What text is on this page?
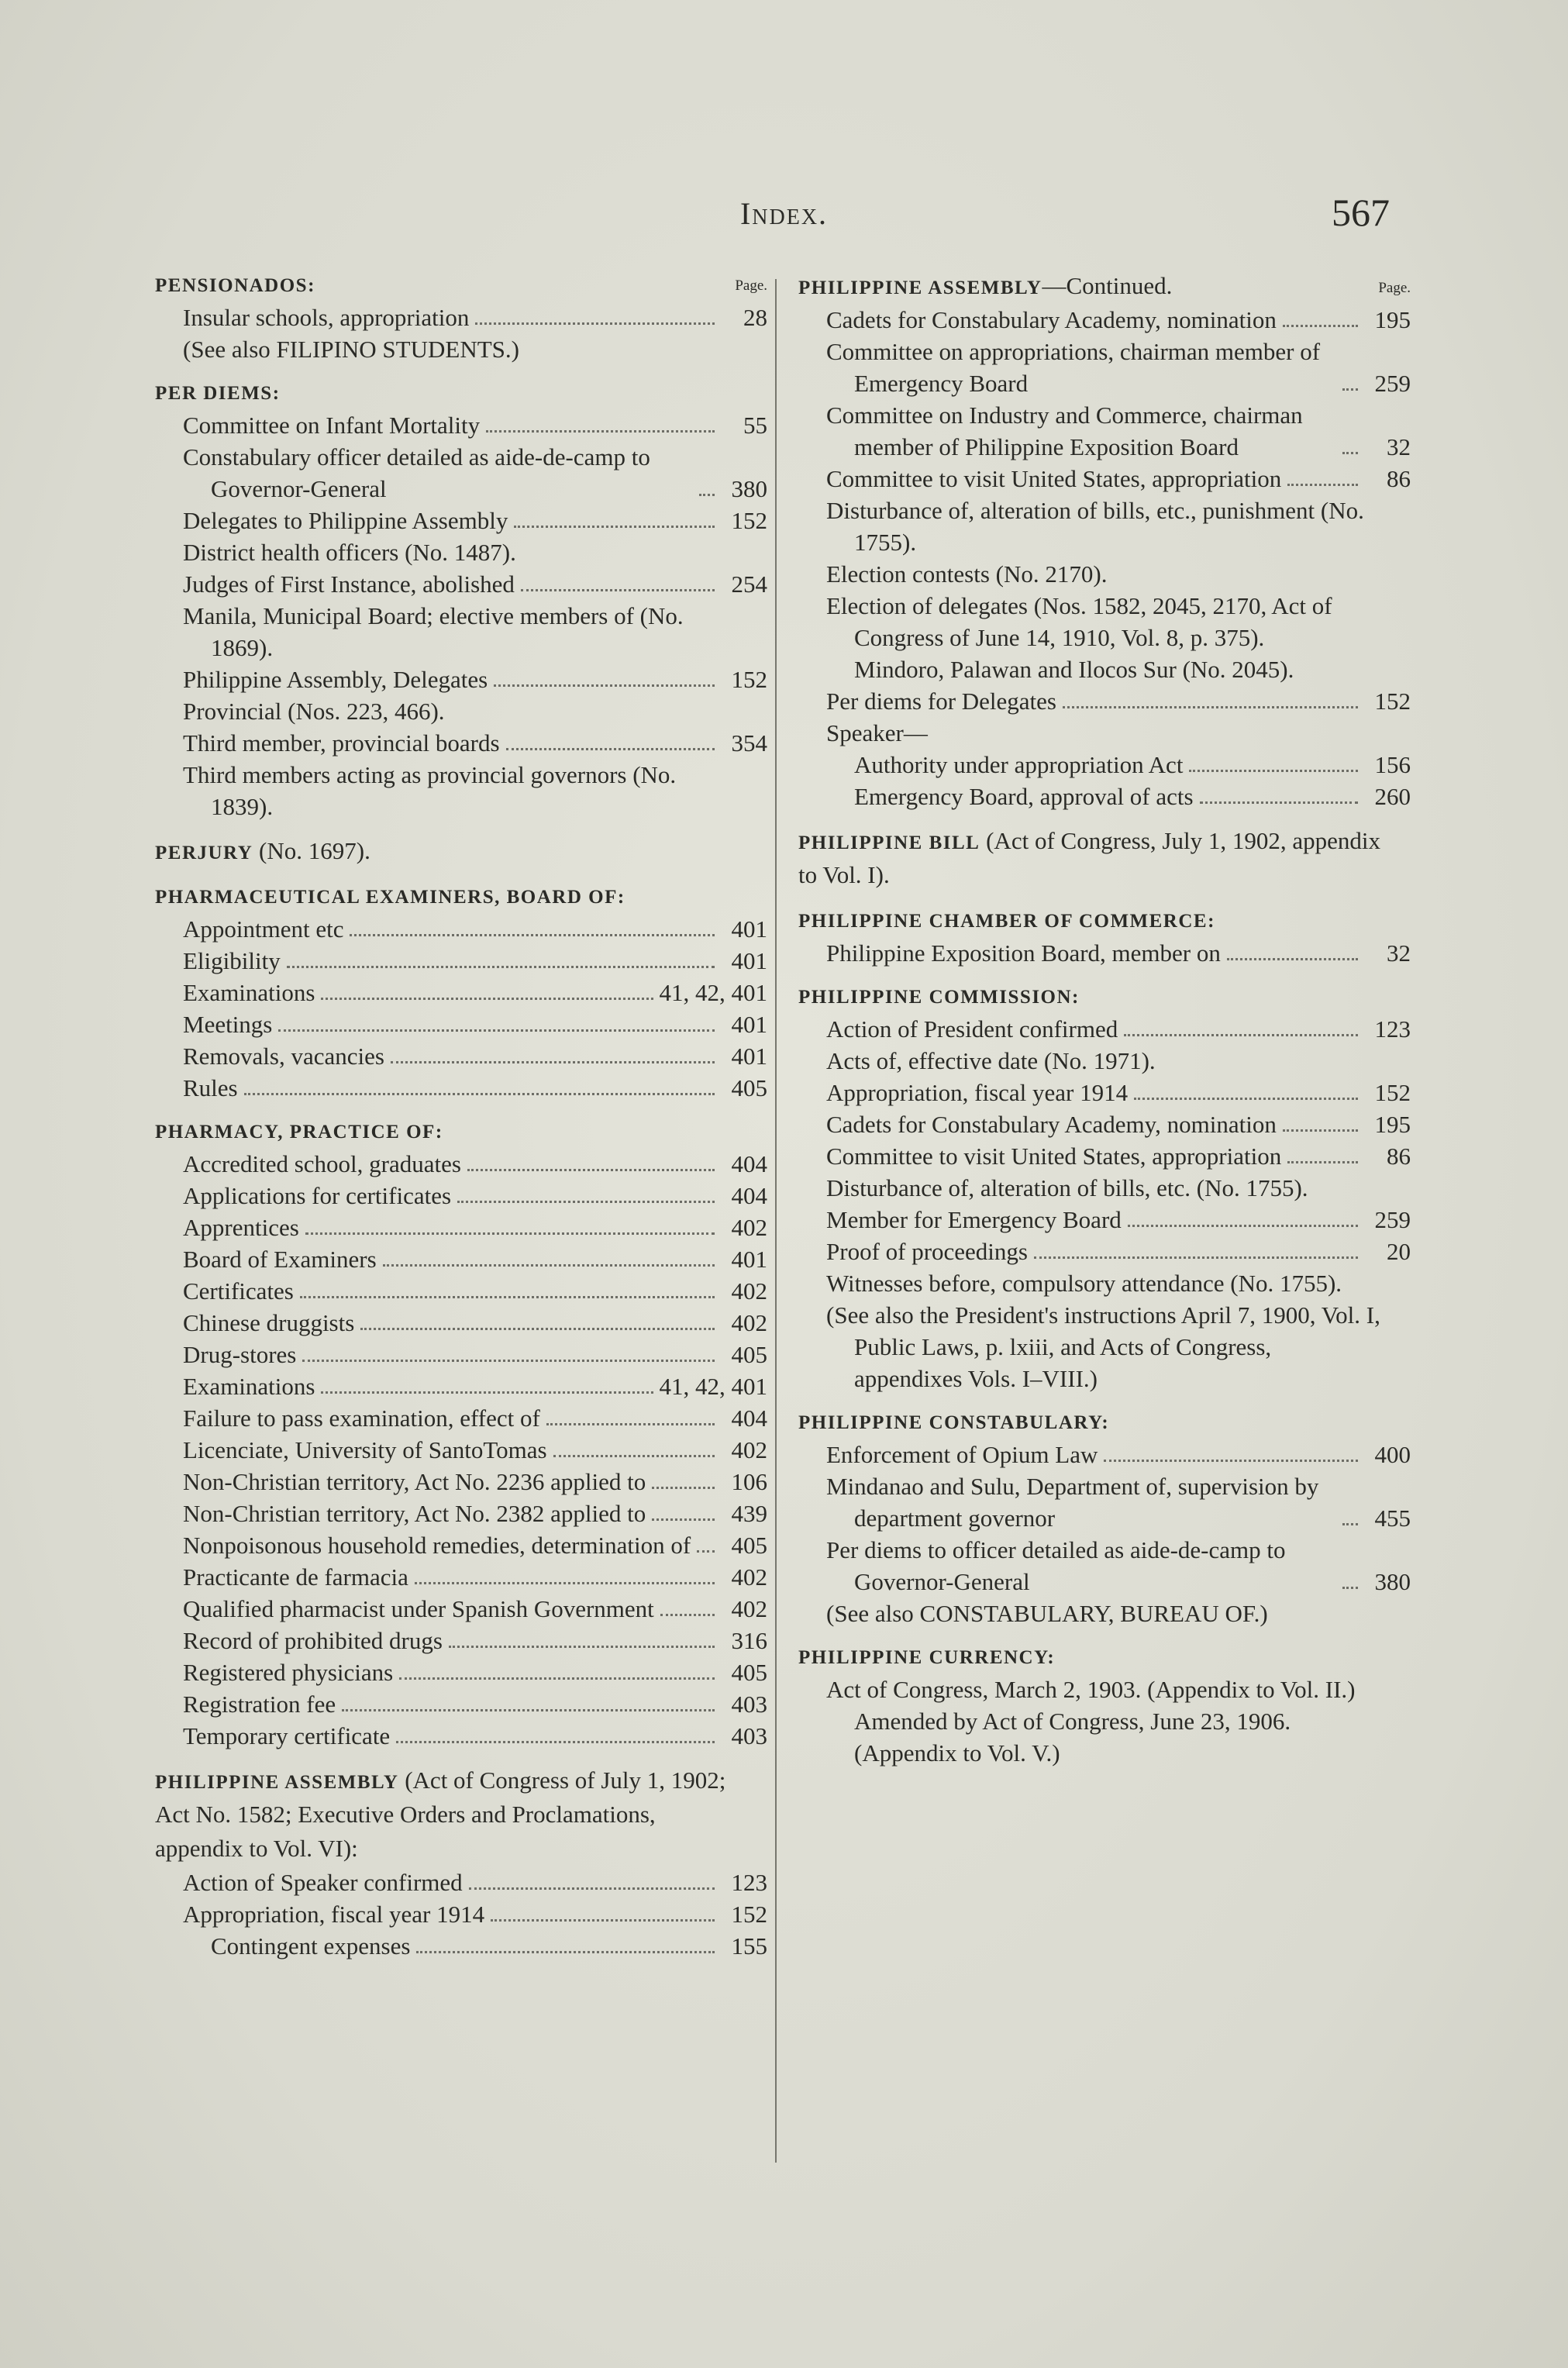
Index.	567
PENSIONADOS:	Page.
Insular schools, appropriation	28
(See also FILIPINO STUDENTS.)
PER DIEMS:
Committee on Infant Mortality	55
Constabulary officer detailed as aide-de-camp to Governor-General	380
Delegates to Philippine Assembly	152
District health officers (No. 1487).
Judges of First Instance, abolished	254
Manila, Municipal Board; elective members of (No. 1869).
Philippine Assembly, Delegates	152
Provincial (Nos. 223, 466).
Third member, provincial boards	354
Third members acting as provincial governors (No. 1839).
PERJURY (No. 1697).
PHARMACEUTICAL EXAMINERS, BOARD OF:
Appointment etc	401
Eligibility	401
Examinations	41, 42, 401
Meetings	401
Removals, vacancies	401
Rules	405
PHARMACY, PRACTICE OF:
Accredited school, graduates	404
Applications for certificates	404
Apprentices	402
Board of Examiners	401
Certificates	402
Chinese druggists	402
Drug-stores	405
Examinations	41, 42, 401
Failure to pass examination, effect of	404
Licenciate, University of SantoTomas	402
Non-Christian territory, Act No. 2236 applied to	106
Non-Christian territory, Act No. 2382 applied to	439
Nonpoisonous household remedies, determination of	405
Practicante de farmacia	402
Qualified pharmacist under Spanish Government	402
Record of prohibited drugs	316
Registered physicians	405
Registration fee	403
Temporary certificate	403
PHILIPPINE ASSEMBLY (Act of Congress of July 1, 1902; Act No. 1582; Executive Orders and Proclamations, appendix to Vol. VI):
Action of Speaker confirmed	123
Appropriation, fiscal year 1914	152
Contingent expenses	155
PHILIPPINE ASSEMBLY—Continued.	Page.
Cadets for Constabulary Academy, nomination	195
Committee on appropriations, chairman member of Emergency Board	259
Committee on Industry and Commerce, chairman member of Philippine Exposition Board	32
Committee to visit United States, appropriation	86
Disturbance of, alteration of bills, etc., punishment (No. 1755).
Election contests (No. 2170).
Election of delegates (Nos. 1582, 2045, 2170, Act of Congress of June 14, 1910, Vol. 8, p. 375).
Mindoro, Palawan and Ilocos Sur (No. 2045).
Per diems for Delegates	152
Speaker—
Authority under appropriation Act	156
Emergency Board, approval of acts	260
PHILIPPINE BILL (Act of Congress, July 1, 1902, appendix to Vol. I).
PHILIPPINE CHAMBER OF COMMERCE:
Philippine Exposition Board, member on	32
PHILIPPINE COMMISSION:
Action of President confirmed	123
Acts of, effective date (No. 1971).
Appropriation, fiscal year 1914	152
Cadets for Constabulary Academy, nomination	195
Committee to visit United States, appropriation	86
Disturbance of, alteration of bills, etc. (No. 1755).
Member for Emergency Board	259
Proof of proceedings	20
Witnesses before, compulsory attendance (No. 1755).
(See also the President's instructions April 7, 1900, Vol. I, Public Laws, p. lxiii, and Acts of Congress, appendixes Vols. I–VIII.)
PHILIPPINE CONSTABULARY:
Enforcement of Opium Law	400
Mindanao and Sulu, Department of, supervision by department governor	455
Per diems to officer detailed as aide-de-camp to Governor-General	380
(See also CONSTABULARY, BUREAU OF.)
PHILIPPINE CURRENCY:
Act of Congress, March 2, 1903. (Appendix to Vol. II.) Amended by Act of Congress, June 23, 1906. (Appendix to Vol. V.)
